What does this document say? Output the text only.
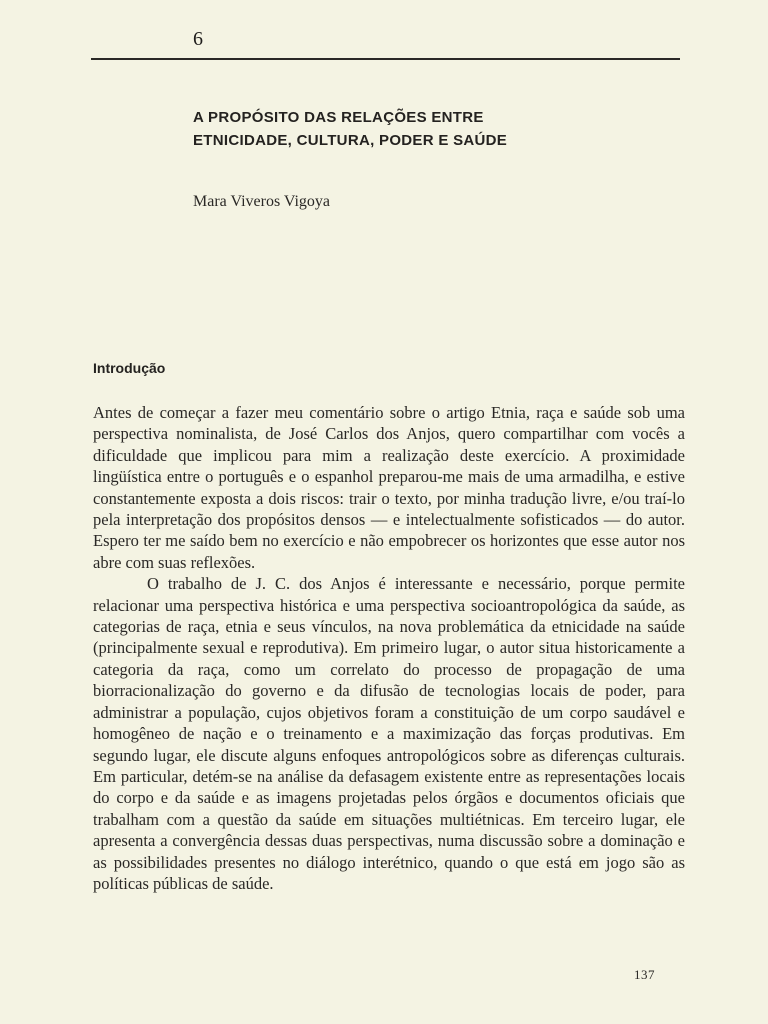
6
A PROPÓSITO DAS RELAÇÕES ENTRE
ETNICIDADE, CULTURA, PODER E SAÚDE
Mara Viveros Vigoya
Introdução

Antes de começar a fazer meu comentário sobre o artigo Etnia, raça e saúde sob uma perspectiva nominalista, de José Carlos dos Anjos, quero compartilhar com vocês a dificuldade que implicou para mim a realização deste exercício. A proximidade lingüística entre o português e o espanhol preparou-me mais de uma armadilha, e estive constantemente exposta a dois riscos: trair o texto, por minha tradução livre, e/ou traí-lo pela interpretação dos propósitos densos — e intelectualmente sofisticados — do autor. Espero ter me saído bem no exercício e não empobrecer os horizontes que esse autor nos abre com suas reflexões.

O trabalho de J. C. dos Anjos é interessante e necessário, porque permite relacionar uma perspectiva histórica e uma perspectiva socioantropológica da saúde, as categorias de raça, etnia e seus vínculos, na nova problemática da etnicidade na saúde (principalmente sexual e reprodutiva). Em primeiro lugar, o autor situa historicamente a categoria da raça, como um correlato do processo de propagação de uma biorracionalização do governo e da difusão de tecnologias locais de poder, para administrar a população, cujos objetivos foram a constituição de um corpo saudável e homogêneo de nação e o treinamento e a maximização das forças produtivas. Em segundo lugar, ele discute alguns enfoques antropológicos sobre as diferenças culturais. Em particular, detém-se na análise da defasagem existente entre as representações locais do corpo e da saúde e as imagens projetadas pelos órgãos e documentos oficiais que trabalham com a questão da saúde em situações multiétnicas. Em terceiro lugar, ele apresenta a convergência dessas duas perspectivas, numa discussão sobre a dominação e as possibilidades presentes no diálogo interétnico, quando o que está em jogo são as políticas públicas de saúde.

137
